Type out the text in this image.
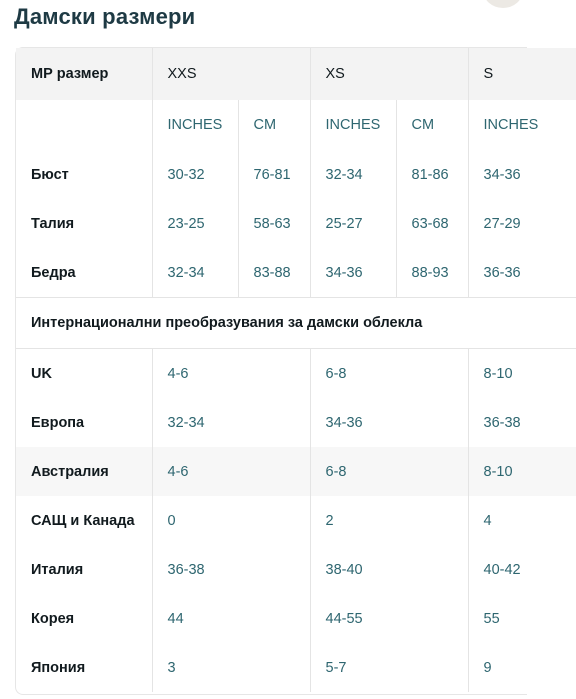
Дамски размери
МР размер	XXS		XS		S
	INCHES	CM	INCHES	CM	INCHES
Бюст	30-32	76-81	32-34	81-86	34-36
Талия	23-25	58-63	25-27	63-68	27-29
Бедра	32-34	83-88	34-36	88-93	36-36
Интернационални преобразувания за дамски облекла					
UK	4-6		6-8		8-10
Европа	32-34		34-36		36-38
Австралия	4-6		6-8		8-10
САЩ и Канада	0		2		4
Италия	36-38		38-40		40-42
Корея	44		44-55		55
Япония	3		5-7		9
